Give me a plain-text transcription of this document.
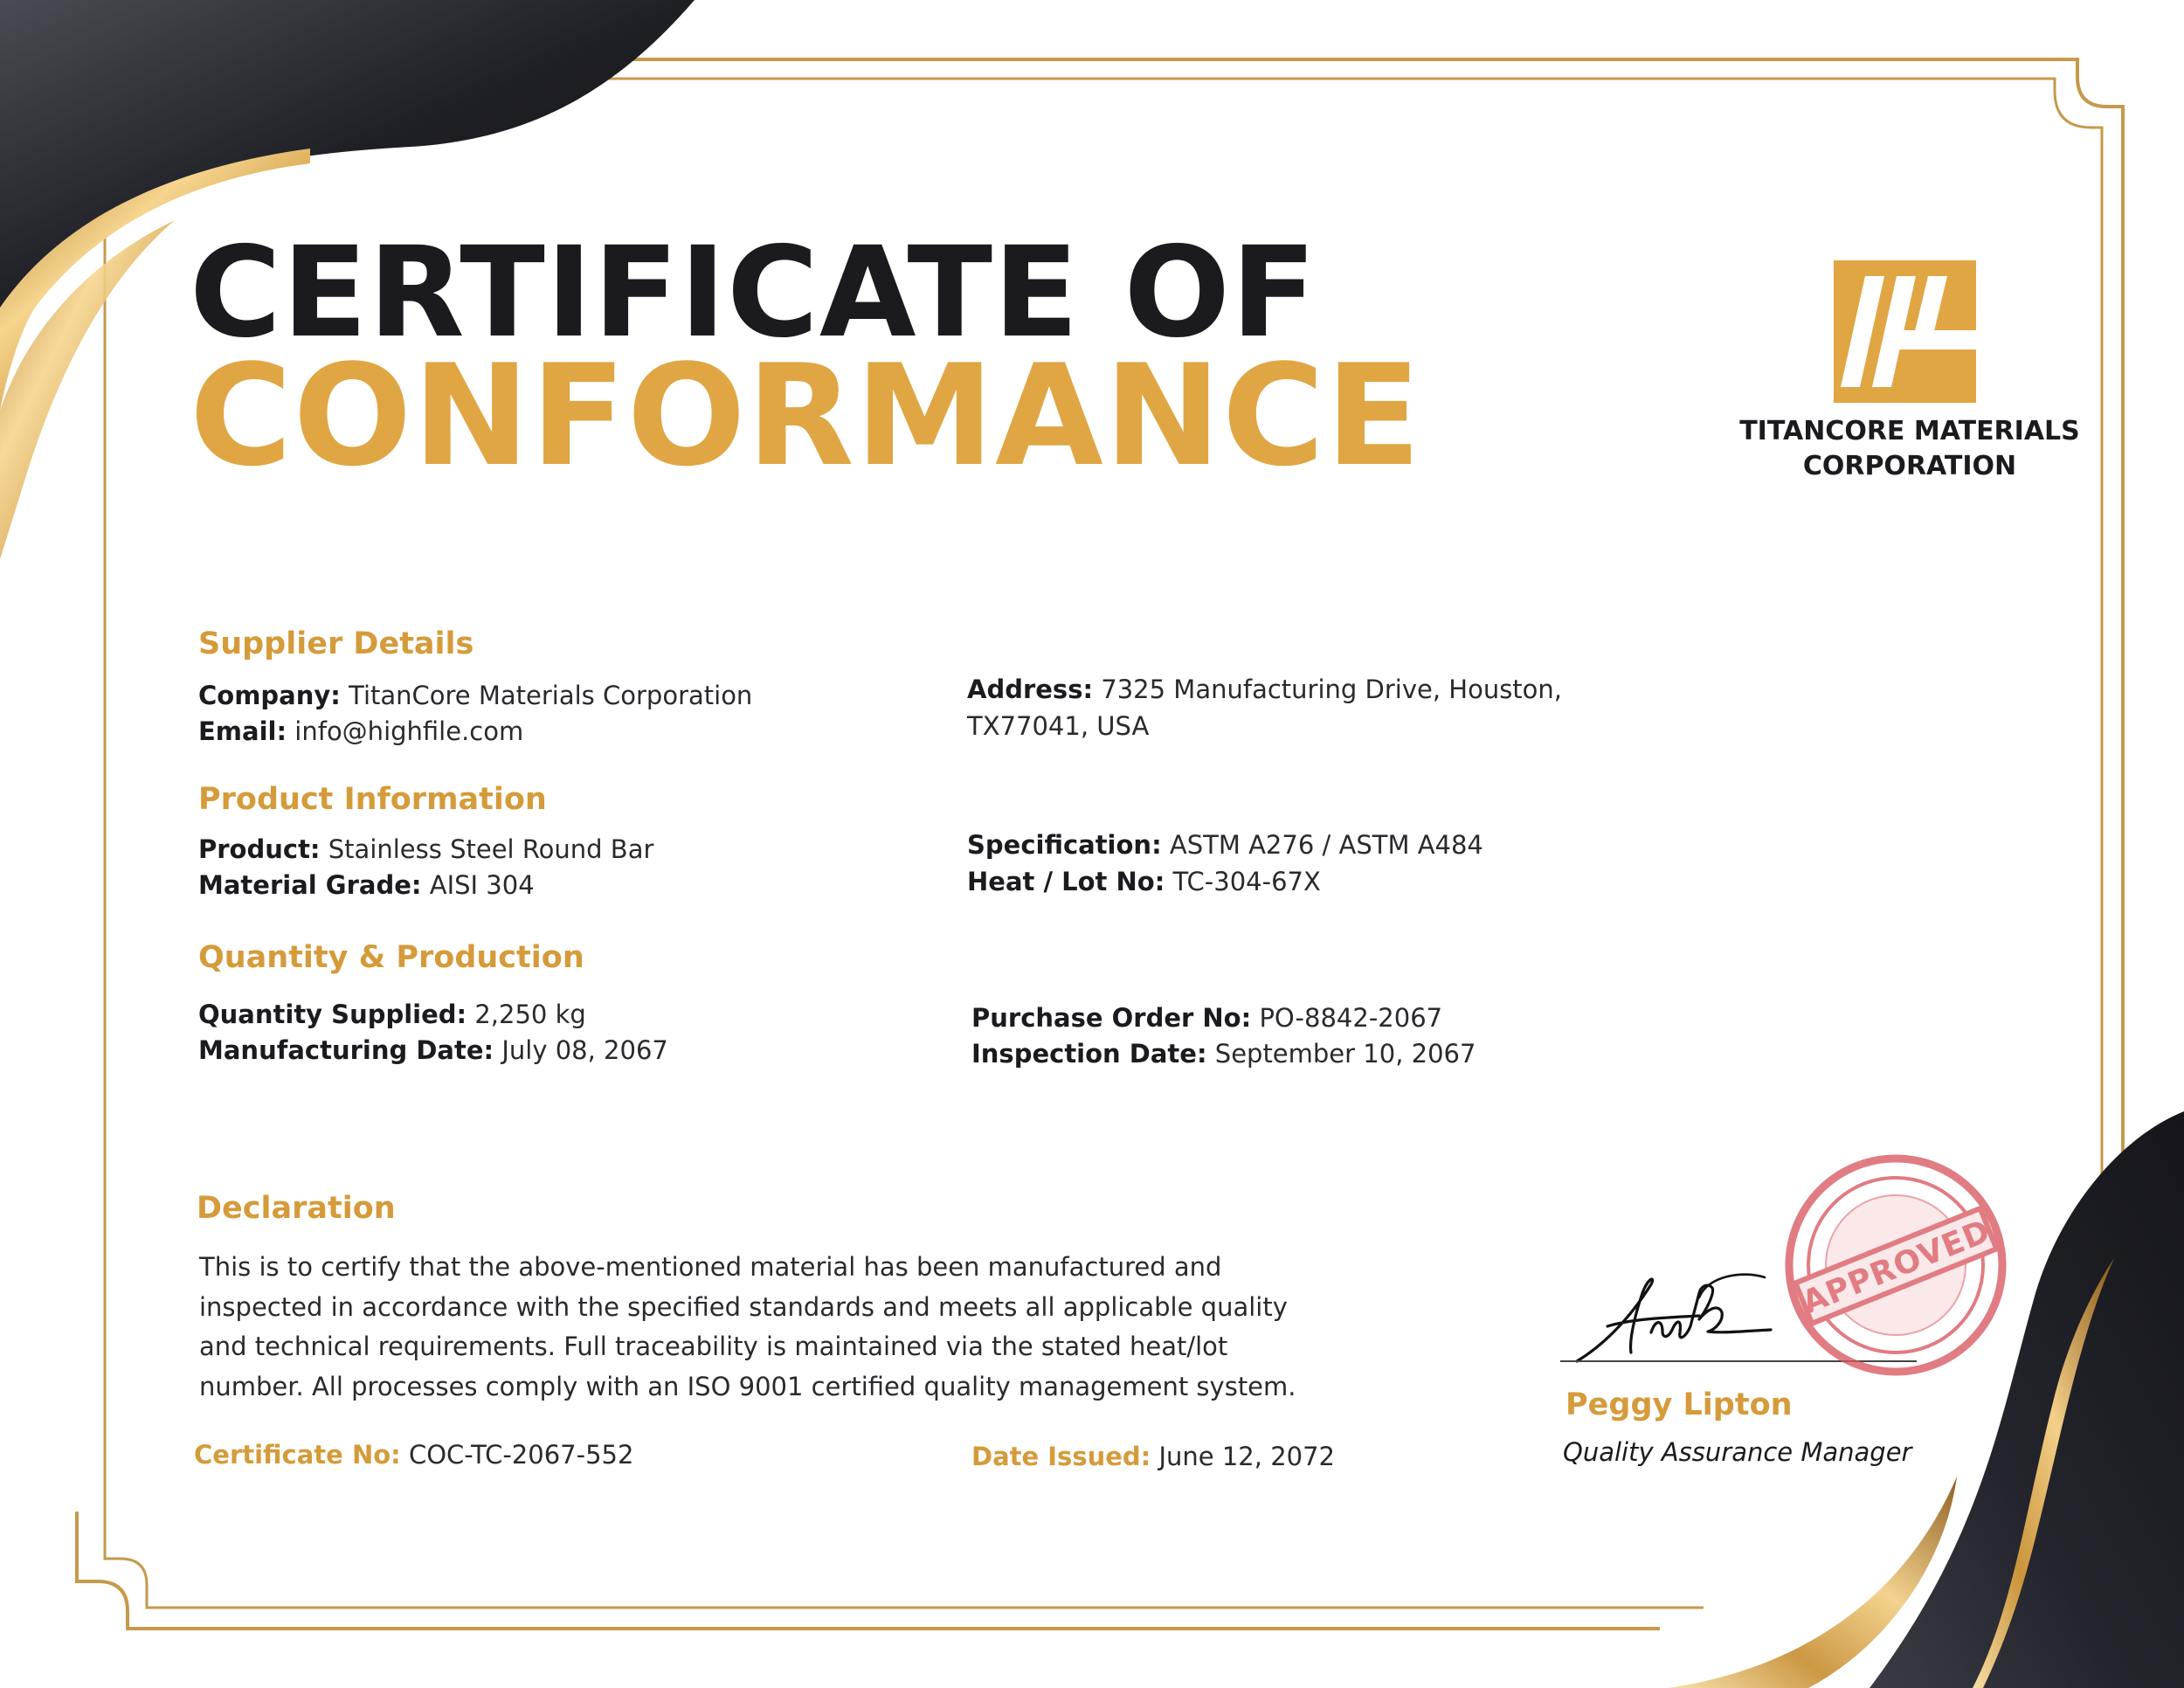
CERTIFICATE OF
CONFORMANCE	TITANCORE MATERIALS
CORPORATION
Supplier Details
Company: TitanCore Materials Corporation
Email: info@highfile.com
Address: 7325 Manufacturing Drive, Houston,
TX77041, USA
Product Information
Product: Stainless Steel Round Bar
Material Grade: AISI 304
Specification: ASTM A276 / ASTM A484
Heat / Lot No: TC-304-67X
Quantity & Production
Quantity Supplied: 2,250 kg
Manufacturing Date: July 08, 2067
Purchase Order No: PO-8842-2067
Inspection Date: September 10, 2067
Declaration
This is to certify that the above-mentioned material has been manufactured and
inspected in accordance with the specified standards and meets all applicable quality
and technical requirements. Full traceability is maintained via the stated heat/lot
number. All processes comply with an ISO 9001 certified quality management system.
Certificate No: COC-TC-2067-552	Date Issued: June 12, 2072
Peggy Lipton
Quality Assurance Manager
APPROVED
